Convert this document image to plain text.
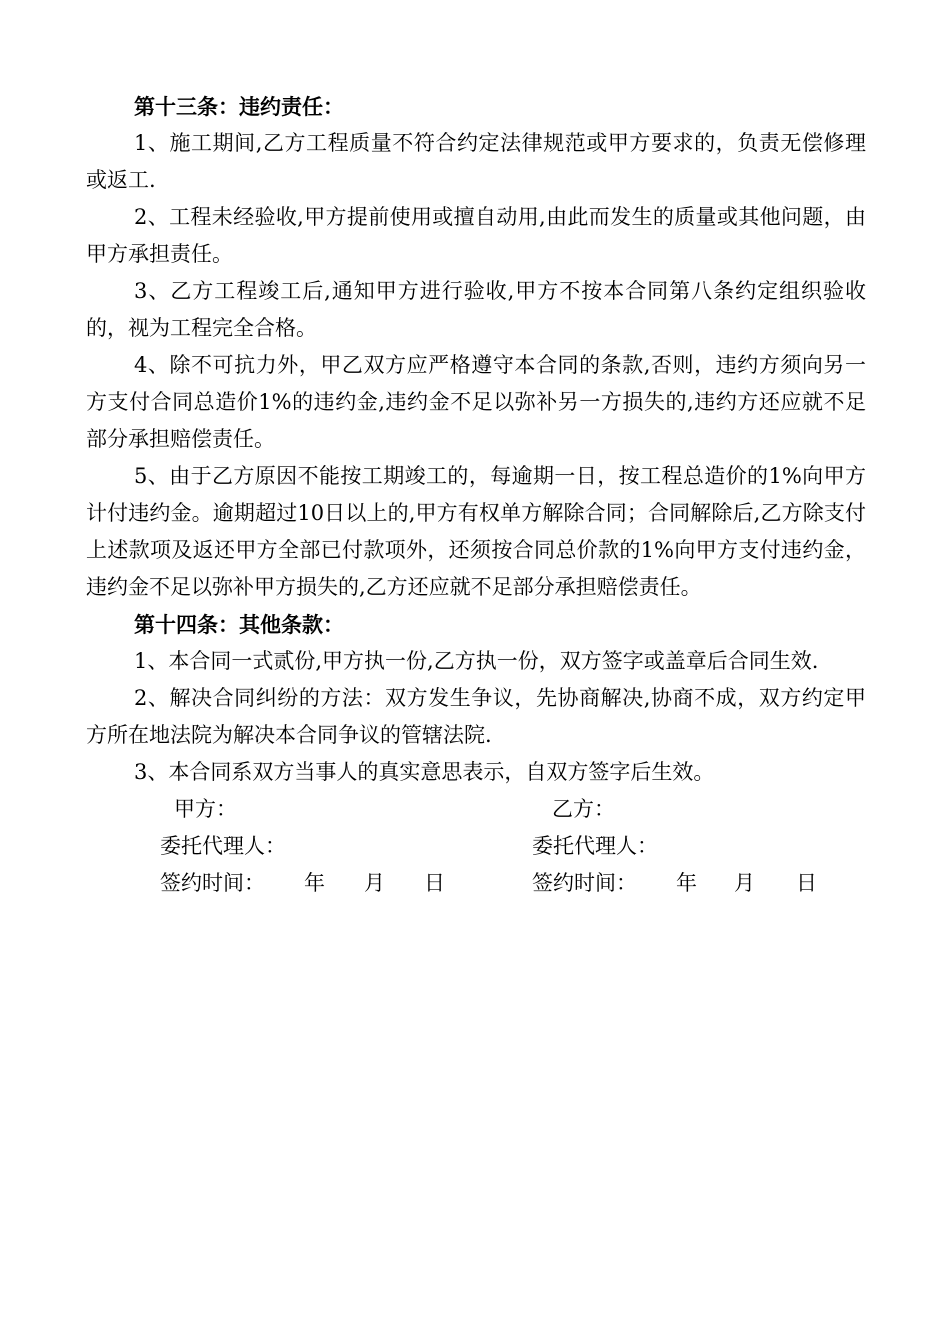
第十三条：违约责任：

1、施工期间,乙方工程质量不符合约定法律规范或甲方要求的，负责无偿修理或返工.

2、工程未经验收,甲方提前使用或擅自动用,由此而发生的质量或其他问题，由甲方承担责任。

3、乙方工程竣工后,通知甲方进行验收,甲方不按本合同第八条约定组织验收的，视为工程完全合格。

4、除不可抗力外，甲乙双方应严格遵守本合同的条款,否则，违约方须向另一方支付合同总造价1%的违约金,违约金不足以弥补另一方损失的,违约方还应就不足部分承担赔偿责任。

5、由于乙方原因不能按工期竣工的，每逾期一日，按工程总造价的1%向甲方计付违约金。逾期超过10日以上的,甲方有权单方解除合同；合同解除后,乙方除支付上述款项及返还甲方全部已付款项外，还须按合同总价款的1%向甲方支付违约金，违约金不足以弥补甲方损失的,乙方还应就不足部分承担赔偿责任。

第十四条：其他条款：

1、本合同一式贰份,甲方执一份,乙方执一份，双方签字或盖章后合同生效.

2、解决合同纠纷的方法：双方发生争议，先协商解决,协商不成，双方约定甲方所在地法院为解决本合同争议的管辖法院.

3、本合同系双方当事人的真实意思表示，自双方签字后生效。

甲方：	乙方：
委托代理人：	委托代理人：
签约时间： 年 月 日	签约时间： 年 月 日
